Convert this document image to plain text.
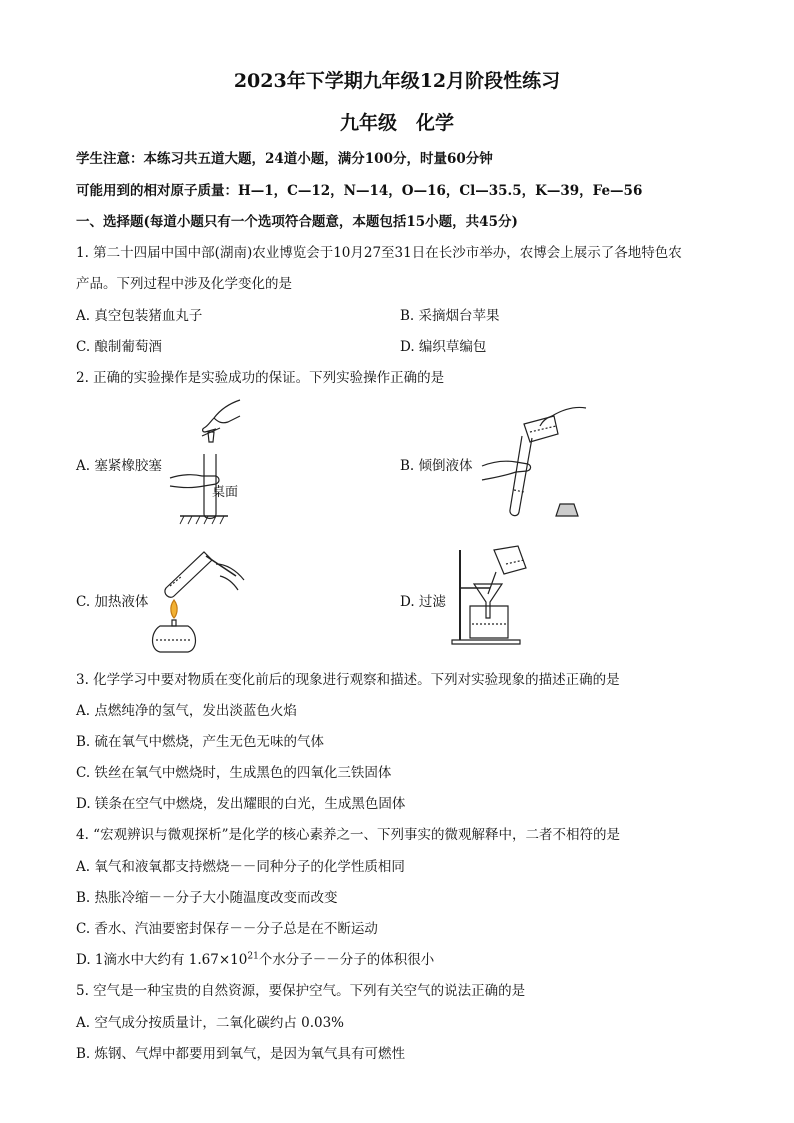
2023年下学期九年级12月阶段性练习
九年级　化学
学生注意：本练习共五道大题，24道小题，满分100分，时量60分钟
可能用到的相对原子质量：H—1，C—12，N—14，O—16，Cl—35.5，K—39，Fe—56
一、选择题(每道小题只有一个选项符合题意，本题包括15小题，共45分)
1. 第二十四届中国中部(湖南)农业博览会于10月27至31日在长沙市举办，农博会上展示了各地特色农
产品。下列过程中涉及化学变化的是
A. 真空包装猪血丸子	B. 采摘烟台苹果
C. 酿制葡萄酒	D. 编织草编包
2. 正确的实验操作是实验成功的保证。下列实验操作正确的是
A. 塞紧橡胶塞	B. 倾倒液体
桌面
C. 加热液体	D. 过滤
3. 化学学习中要对物质在变化前后的现象进行观察和描述。下列对实验现象的描述正确的是
A. 点燃纯净的氢气，发出淡蓝色火焰
B. 硫在氧气中燃烧，产生无色无味的气体
C. 铁丝在氧气中燃烧时，生成黑色的四氧化三铁固体
D. 镁条在空气中燃烧，发出耀眼的白光，生成黑色固体
4. “宏观辨识与微观探析”是化学的核心素养之一、下列事实的微观解释中，二者不相符的是
A. 氧气和液氧都支持燃烧－－同种分子的化学性质相同
B. 热胀冷缩－－分子大小随温度改变而改变
C. 香水、汽油要密封保存－－分子总是在不断运动
D. 1滴水中大约有 $1.67\times 10^{21}$个水分子－－分子的体积很小
5. 空气是一种宝贵的自然资源，要保护空气。下列有关空气的说法正确的是
A. 空气成分按质量计，二氧化碳约占 0.03%
B. 炼钢、气焊中都要用到氧气，是因为氧气具有可燃性
